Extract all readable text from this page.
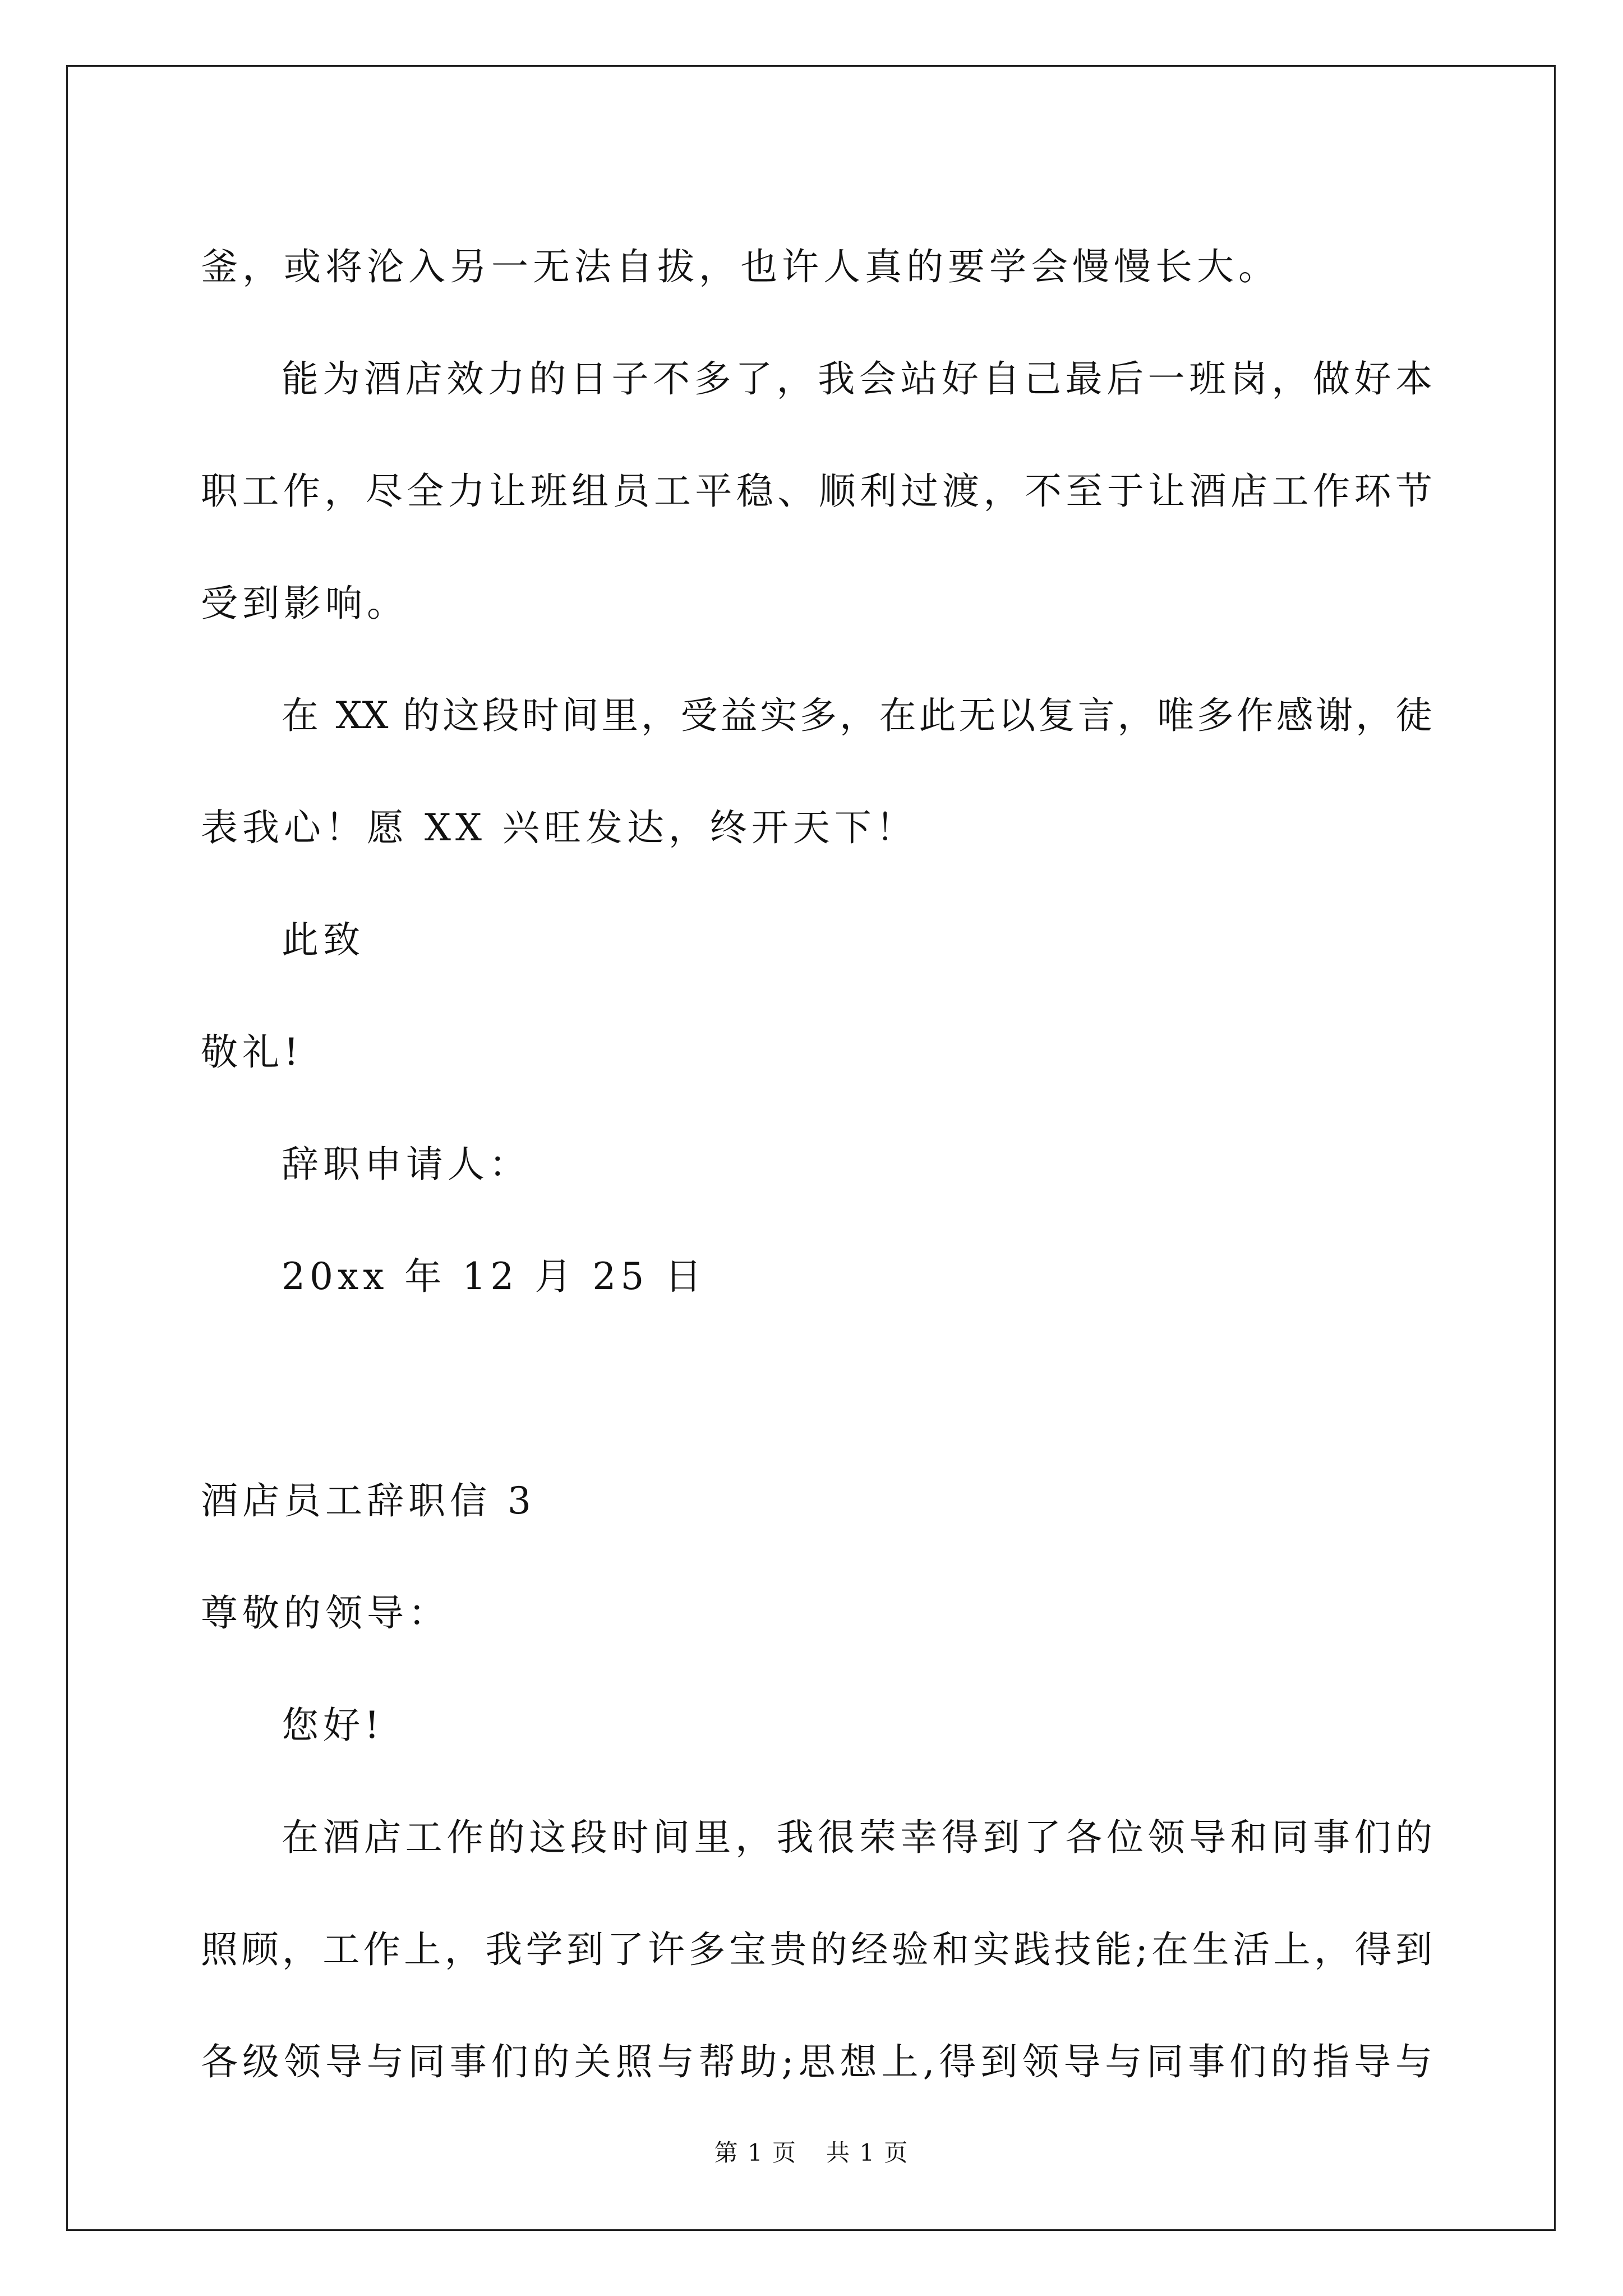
釜，或将沦入另一无法自拔，也许人真的要学会慢慢长大。
能为酒店效力的日子不多了，我会站好自己最后一班岗，做好本
职工作，尽全力让班组员工平稳、顺利过渡，不至于让酒店工作环节
受到影响。
在 XX 的这段时间里，受益实多，在此无以复言，唯多作感谢，徒
表我心！愿 XX 兴旺发达，终开天下！
此致
敬礼!
辞职申请人：
20xx 年 12 月 25 日
酒店员工辞职信 3
尊敬的领导：
您好!
在酒店工作的这段时间里，我很荣幸得到了各位领导和同事们的
照顾，工作上，我学到了许多宝贵的经验和实践技能;在生活上，得到
各级领导与同事们的关照与帮助;思想上,得到领导与同事们的指导与
第 1 页 共 1 页
